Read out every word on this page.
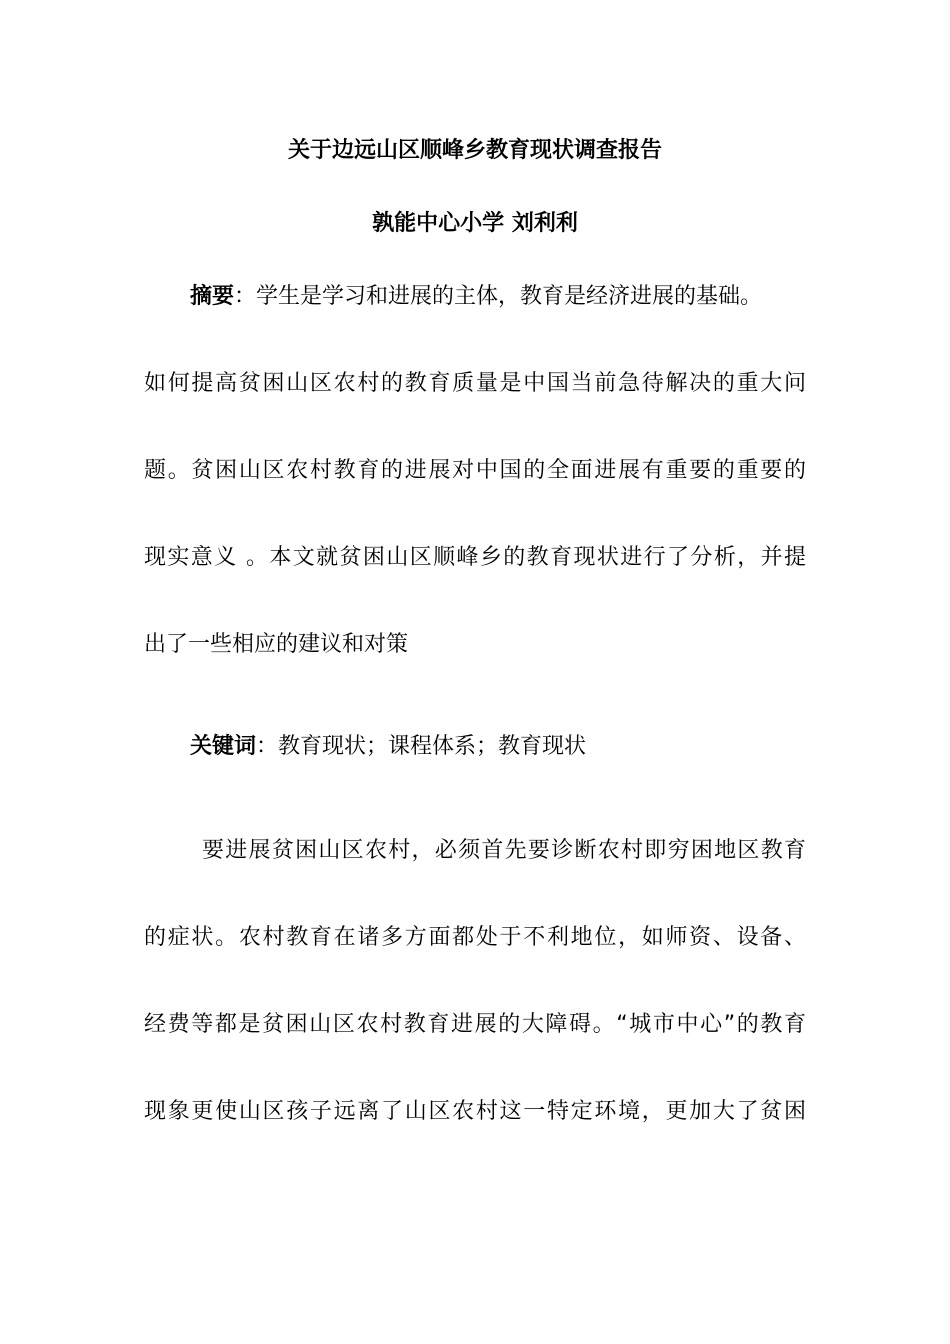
关于边远山区顺峰乡教育现状调查报告
孰能中心小学 刘利利
摘要：学生是学习和进展的主体，教育是经济进展的基础。
如何提高贫困山区农村的教育质量是中国当前急待解决的重大问
题。贫困山区农村教育的进展对中国的全面进展有重要的重要的
现实意义 。本文就贫困山区顺峰乡的教育现状进行了分析，并提
出了一些相应的建议和对策
关键词：教育现状；课程体系；教育现状
要进展贫困山区农村，必须首先要诊断农村即穷困地区教育
的症状。农村教育在诸多方面都处于不利地位，如师资、设备、
经费等都是贫困山区农村教育进展的大障碍。“城市中心”的教育
现象更使山区孩子远离了山区农村这一特定环境，更加大了贫困
